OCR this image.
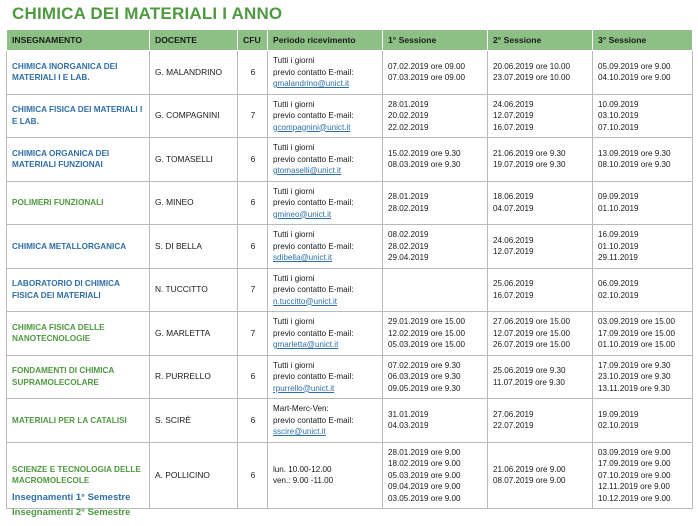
CHIMICA DEI MATERIALI I ANNO
INSEGNAMENTO	DOCENTE	CFU	Periodo ricevimento	1° Sessione	2° Sessione	3° Sessione
CHIMICA INORGANICA DEI MATERIALI I E LAB.	G. MALANDRINO	6	Tutti i giorni
previo contatto E-mail:
gmalandrino@unict.it	07.02.2019 ore 09.00
07.03.2019 ore 09.00	20.06.2019 ore 10.00
23.07.2019 ore 10.00	05.09.2019 ore 9.00
04.10.2019 ore 9.00

CHIMICA FISICA DEI MATERIALI I E LAB.	G. COMPAGNINI	7	Tutti i giorni
previo contatto E-mail:
gcompagnini@unict.it	28.01.2019
20.02.2019
22.02.2019	24.06.2019
12.07.2019
16.07.2019	10.09.2019
03.10.2019
07.10.2019

CHIMICA ORGANICA DEI MATERIALI FUNZIONAI	G. TOMASELLI	6	Tutti i giorni
previo contatto E-mail:
gtomaselli@unict.it	15.02.2019 ore 9.30
08.03.2019 ore 9.30	21.06.2019 ore 9.30
19.07.2019 ore 9.30	13.09.2019 ore 9.30
08.10.2019 ore 9.30

POLIMERI FUNZIONALI	G. MINEO	6	Tutti i giorni
previo contatto E-mail:
gmineo@unict.it	28.01.2019
28.02.2019	18.06.2019
04.07.2019	09.09.2019
01.10.2019

CHIMICA METALLORGANICA	S. DI BELLA	6	Tutti i giorni
previo contatto E-mail:
sdibella@unict.it	08.02.2019
28.02.2019
29.04.2019	24.06.2019
12.07.2019	16.09.2019
01.10.2019
29.11.2019

LABORATORIO DI CHIMICA FISICA DEI MATERIALI	N. TUCCITTO	7	Tutti i giorni
previo contatto E-mail:
n.tuccitto@unict.it		25.06.2019
16.07.2019	06.09.2019
02.10.2019

CHIMICA FISICA DELLE NANOTECNOLOGIE	G. MARLETTA	7	Tutti i giorni
previo contatto E-mail:
gmarletta@unict.it	29.01.2019 ore 15.00
12.02.2019 ore 15.00
05.03.2019 ore 15.00	27.06.2019 ore 15.00
12.07.2019 ore 15.00
26.07.2019 ore 15.00	03.09.2019 ore 15.00
17.09.2019 ore 15.00
01.10.2019 ore 15.00

FONDAMENTI DI CHIMICA SUPRAMOLECOLARE	R. PURRELLO	6	Tutti i giorni
previo contatto E-mail:
rpurrello@unict.it	07.02.2019 ore 9.30
06.03.2019 ore 9.30
09.05.2019 ore 9.30	25.06.2019 ore 9.30
11.07.2019 ore 9.30	17.09.2019 ore 9.30
23.10.2019 ore 9.30
13.11.2019 ore 9.30

MATERIALI PER LA CATALISI	S. SCIRÈ	6	Mart-Merc-Ven:
previo contatto E-mail:
sscire@unict.it	31.01.2019
04.03.2019	27.06.2019
22.07.2019	19.09.2019
02.10.2019

SCIENZE E TECNOLOGIA DELLE MACROMOLECOLE	A. POLLICINO	6	lun. 10.00-12.00
ven.: 9.00 -11.00	28.01.2019 ore 9.00
18.02.2019 ore 9.00
05.03.2019 ore 9.00
09.04.2019 ore 9.00
03.05.2019 ore 9.00	21.06.2019 ore 9.00
08.07.2019 ore 9.00	03.09.2019 ore 9.00
17.09.2019 ore 9.00
07.10.2019 ore 9.00
12.11.2019 ore 9.00
10.12.2019 ore 9.00
Insegnamenti 1° Semestre
Insegnamenti 2° Semestre
